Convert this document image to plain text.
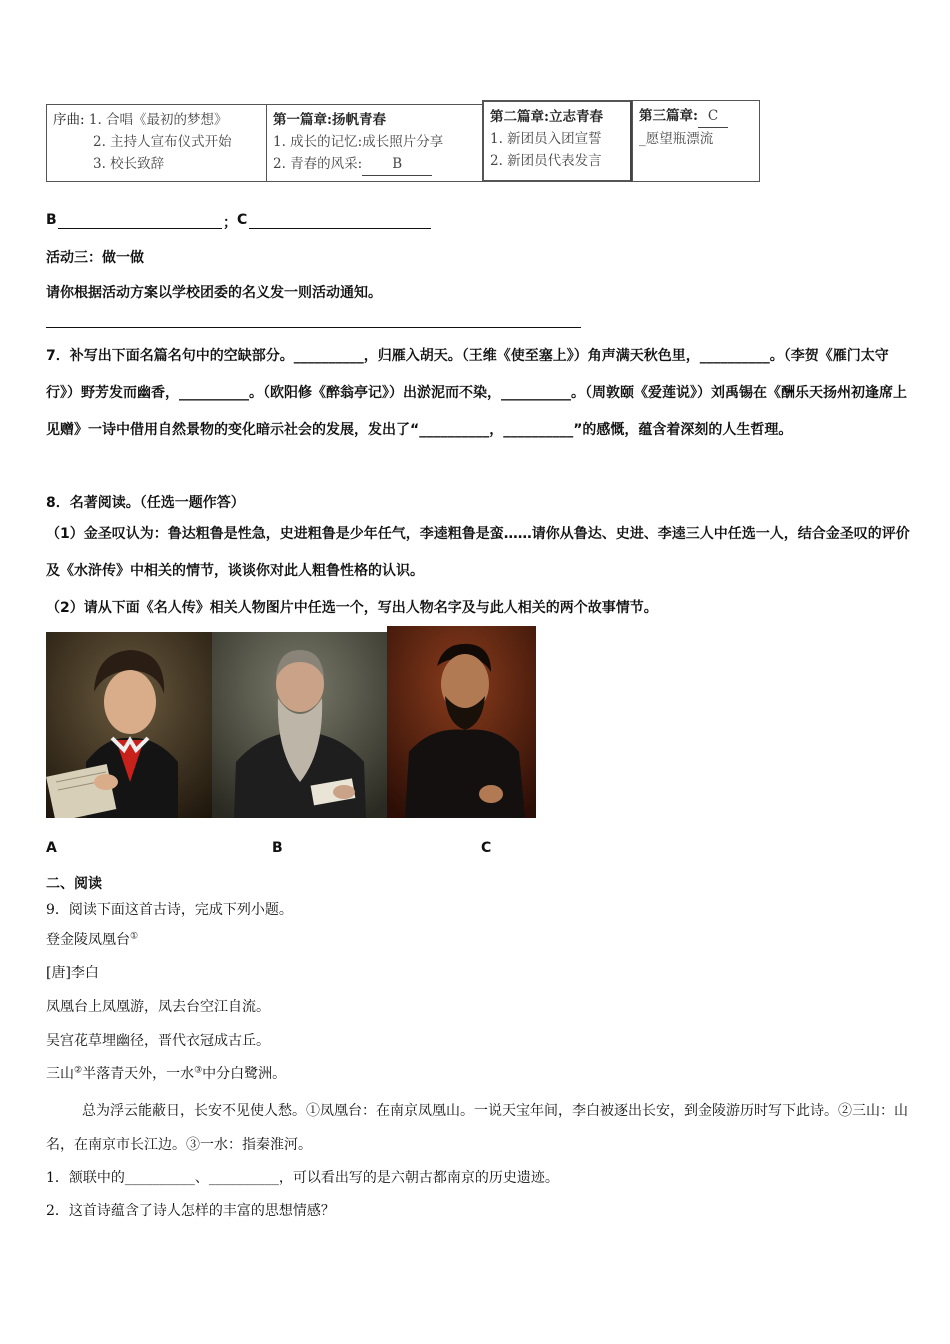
序曲: 1. 合唱《最初的梦想》
2. 主持人宣布仪式开始
3. 校长致辞
第一篇章:扬帆青春
1. 成长的记忆:成长照片分享
2. 青春的风采: B
第二篇章:立志青春
1. 新团员入团宣誓
2. 新团员代表发言
第三篇章: C
_愿望瓶漂流
B	； C
活动三：做一做
请你根据活动方案以学校团委的名义发一则活动通知。
7．补写出下面名篇名句中的空缺部分。__________，归雁入胡天。（王维《使至塞上》）角声满天秋色里，__________。（李贺《雁门太守行》）野芳发而幽香，__________。（欧阳修《醉翁亭记》）出淤泥而不染，__________。（周敦颐《爱莲说》）刘禹锡在《酬乐天扬州初逢席上见赠》一诗中借用自然景物的变化暗示社会的发展，发出了“__________，__________”的感慨，蕴含着深刻的人生哲理。
8．名著阅读。（任选一题作答）
（1）金圣叹认为：鲁达粗鲁是性急，史进粗鲁是少年任气，李逵粗鲁是蛮……请你从鲁达、史进、李逵三人中任选一人，结合金圣叹的评价及《水浒传》中相关的情节，谈谈你对此人粗鲁性格的认识。
（2）请从下面《名人传》相关人物图片中任选一个，写出人物名字及与此人相关的两个故事情节。
A	B	C
二、阅读
9．阅读下面这首古诗，完成下列小题。
登金陵凤凰台①
[唐]李白
凤凰台上凤凰游，凤去台空江自流。
吴宫花草埋幽径，晋代衣冠成古丘。
三山②半落青天外，一水③中分白鹭洲。
总为浮云能蔽日，长安不见使人愁。①凤凰台：在南京凤凰山。一说天宝年间，李白被逐出长安，到金陵游历时写下此诗。②三山：山名，在南京市长江边。③一水：指秦淮河。
1．颔联中的__________、__________，可以看出写的是六朝古都南京的历史遗迹。
2．这首诗蕴含了诗人怎样的丰富的思想情感？
